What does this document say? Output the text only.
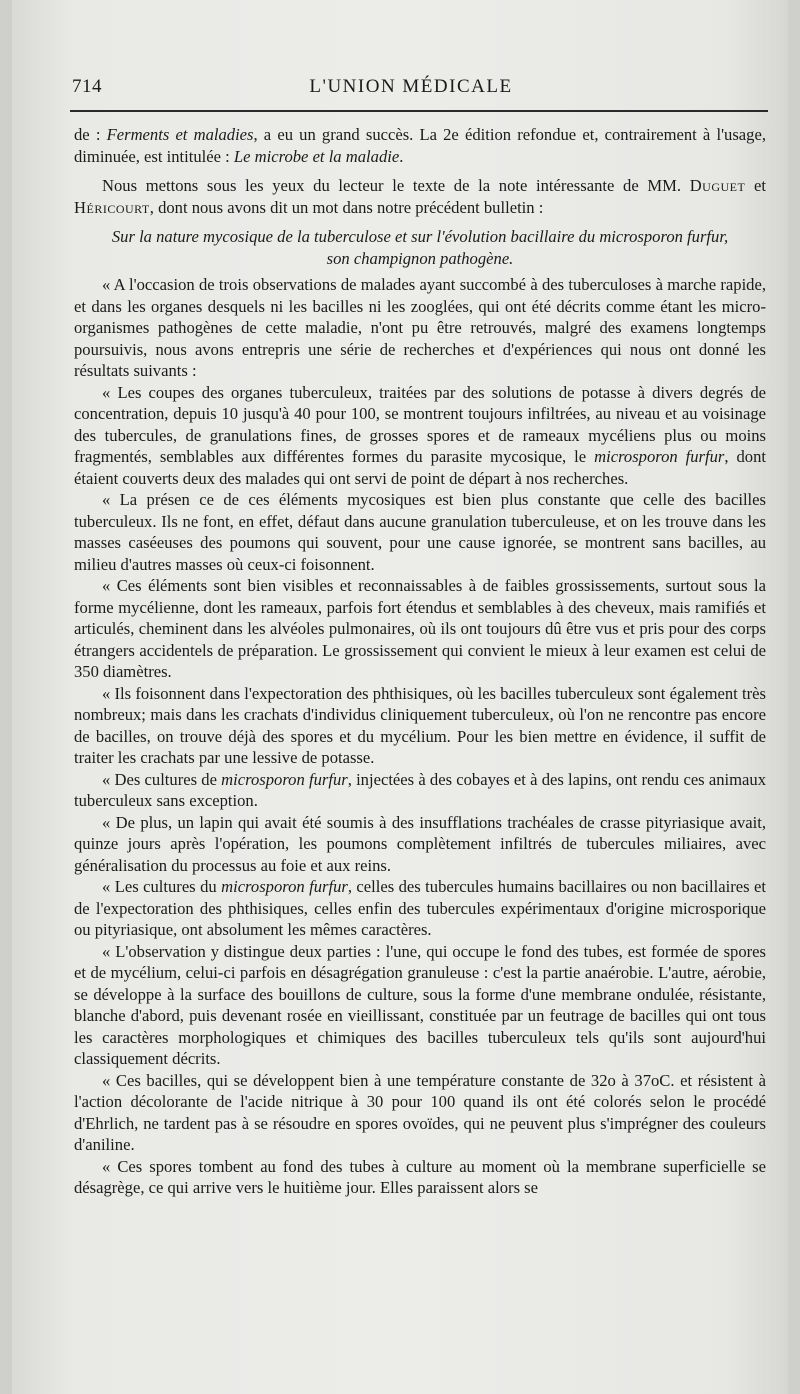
714	L'UNION MÉDICALE

de : Ferments et maladies, a eu un grand succès. La 2e édition refondue et, contrairement à l'usage, diminuée, est intitulée : Le microbe et la maladie.

Nous mettons sous les yeux du lecteur le texte de la note intéressante de MM. Duguet et Héricourt, dont nous avons dit un mot dans notre précédent bulletin :

Sur la nature mycosique de la tuberculose et sur l'évolution bacillaire du microsporon furfur,
son champignon pathogène.

« A l'occasion de trois observations de malades ayant succombé à des tuberculoses à marche rapide, et dans les organes desquels ni les bacilles ni les zooglées, qui ont été décrits comme étant les micro-organismes pathogènes de cette maladie, n'ont pu être retrouvés, malgré des examens longtemps poursuivis, nous avons entrepris une série de recherches et d'expériences qui nous ont donné les résultats suivants :

« Les coupes des organes tuberculeux, traitées par des solutions de potasse à divers degrés de concentration, depuis 10 jusqu'à 40 pour 100, se montrent toujours infiltrées, au niveau et au voisinage des tubercules, de granulations fines, de grosses spores et de rameaux mycéliens plus ou moins fragmentés, semblables aux différentes formes du parasite mycosique, le microsporon furfur, dont étaient couverts deux des malades qui ont servi de point de départ à nos recherches.

« La présen ce de ces éléments mycosiques est bien plus constante que celle des bacilles tuberculeux. Ils ne font, en effet, défaut dans aucune granulation tuberculeuse, et on les trouve dans les masses caséeuses des poumons qui souvent, pour une cause ignorée, se montrent sans bacilles, au milieu d'autres masses où ceux-ci foisonnent.

« Ces éléments sont bien visibles et reconnaissables à de faibles grossissements, surtout sous la forme mycélienne, dont les rameaux, parfois fort étendus et semblables à des cheveux, mais ramifiés et articulés, cheminent dans les alvéoles pulmonaires, où ils ont toujours dû être vus et pris pour des corps étrangers accidentels de préparation. Le grossissement qui convient le mieux à leur examen est celui de 350 diamètres.

« Ils foisonnent dans l'expectoration des phthisiques, où les bacilles tuberculeux sont également très nombreux; mais dans les crachats d'individus cliniquement tuberculeux, où l'on ne rencontre pas encore de bacilles, on trouve déjà des spores et du mycélium. Pour les bien mettre en évidence, il suffit de traiter les crachats par une lessive de potasse.

« Des cultures de microsporon furfur, injectées à des cobayes et à des lapins, ont rendu ces animaux tuberculeux sans exception.

« De plus, un lapin qui avait été soumis à des insufflations trachéales de crasse pityriasique avait, quinze jours après l'opération, les poumons complètement infiltrés de tubercules miliaires, avec généralisation du processus au foie et aux reins.

« Les cultures du microsporon furfur, celles des tubercules humains bacillaires ou non bacillaires et de l'expectoration des phthisiques, celles enfin des tubercules expérimentaux d'origine microsporique ou pityriasique, ont absolument les mêmes caractères.

« L'observation y distingue deux parties : l'une, qui occupe le fond des tubes, est formée de spores et de mycélium, celui-ci parfois en désagrégation granuleuse : c'est la partie anaérobie. L'autre, aérobie, se développe à la surface des bouillons de culture, sous la forme d'une membrane ondulée, résistante, blanche d'abord, puis devenant rosée en vieillissant, constituée par un feutrage de bacilles qui ont tous les caractères morphologiques et chimiques des bacilles tuberculeux tels qu'ils sont aujourd'hui classiquement décrits.

« Ces bacilles, qui se développent bien à une température constante de 32o à 37oC. et résistent à l'action décolorante de l'acide nitrique à 30 pour 100 quand ils ont été colorés selon le procédé d'Ehrlich, ne tardent pas à se résoudre en spores ovoïdes, qui ne peuvent plus s'imprégner des couleurs d'aniline.

« Ces spores tombent au fond des tubes à culture au moment où la membrane superficielle se désagrège, ce qui arrive vers le huitième jour. Elles paraissent alors se
